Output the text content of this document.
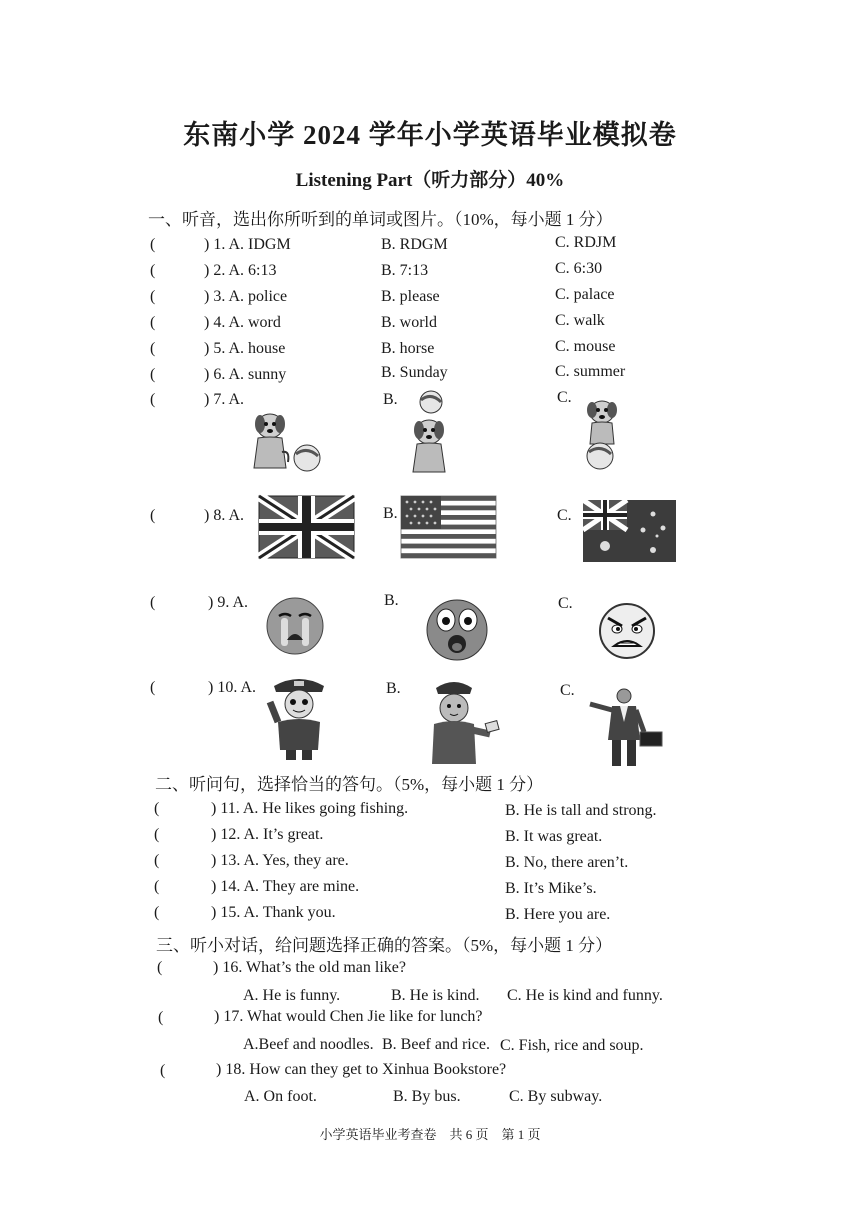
东南小学 2024 学年小学英语毕业模拟卷
Listening Part（听力部分）40%
一、听音，选出你所听到的单词或图片。（10%，每小题 1 分）
(	) 1. A. IDGM	B. RDGM	C. RDJM
(	) 2. A. 6:13	B. 7:13	C. 6:30
(	) 3. A. police	B. please	C. palace
(	) 4. A. word	B. world	C. walk
(	) 5. A. house	B. horse	C. mouse
(	) 6. A. sunny	B. Sunday	C. summer
(	) 7. A.	B.	C.
(	) 8. A.	B.	C.
(	) 9. A.	B.	C.
(	) 10. A.	B.	C.
二、听问句，选择恰当的答句。（5%，每小题 1 分）
(	) 11. A. He likes going fishing.	B. He is tall and strong.
(	) 12. A. It’s great.	B. It was great.
(	) 13. A. Yes, they are.	B. No, there aren’t.
(	) 14. A. They are mine.	B. It’s Mike’s.
(	) 15. A. Thank you.	B. Here you are.
三、听小对话，给问题选择正确的答案。（5%，每小题 1 分）
(	) 16. What’s the old man like?
A. He is funny.	B. He is kind. C. He is kind and funny.
(	) 17. What would Chen Jie like for lunch?
A.Beef and noodles. B. Beef and rice. C. Fish, rice and soup.
(	) 18. How can they get to Xinhua Bookstore?
A. On foot.	B. By bus.	C. By subway.
小学英语毕业考查卷    共 6 页    第 1 页
